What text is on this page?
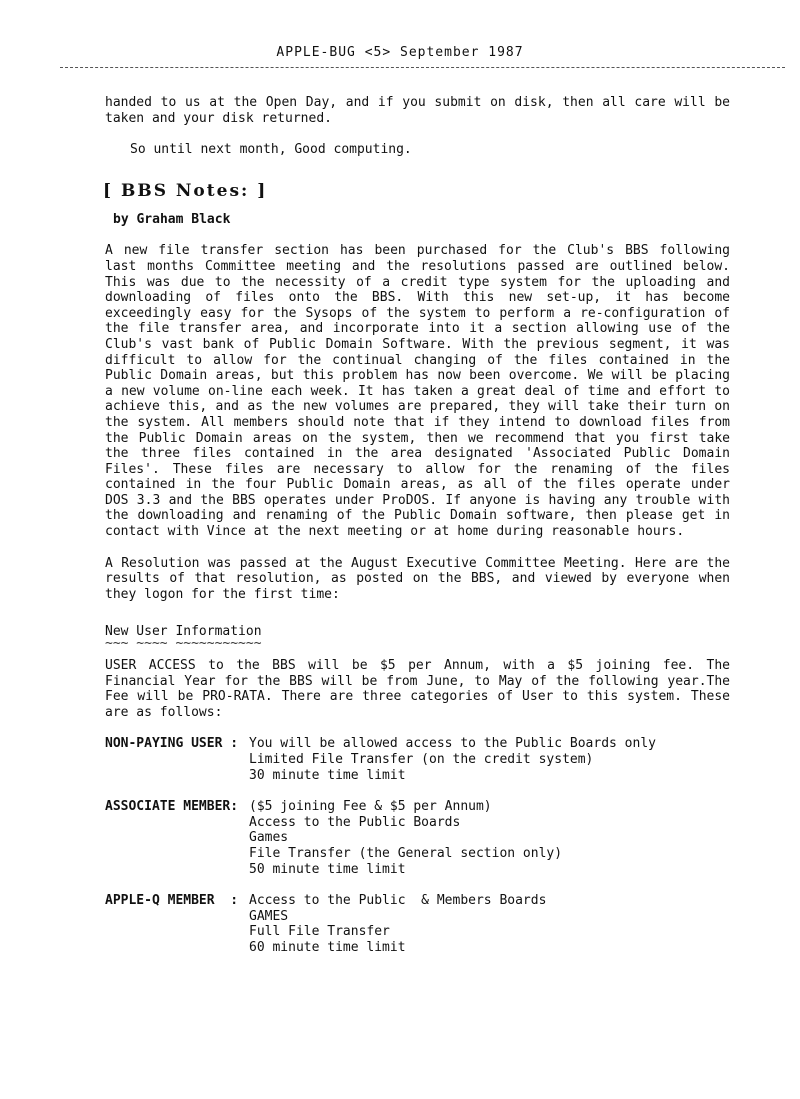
APPLE-BUG <5> September 1987

handed to us at the Open Day, and if you submit on disk, then all care will be taken and your disk returned.

So until next month, Good computing.

[ BBS Notes: ]
by Graham Black

A new file transfer section has been purchased for the Club's BBS following last months Committee meeting and the resolutions passed are outlined below. This was due to the necessity of a credit type system for the uploading and downloading of files onto the BBS. With this new set-up, it has become exceedingly easy for the Sysops of the system to perform a re-configuration of the file transfer area, and incorporate into it a section allowing use of the Club's vast bank of Public Domain Software. With the previous segment, it was difficult to allow for the continual changing of the files contained in the Public Domain areas, but this problem has now been overcome. We will be placing a new volume on-line each week. It has taken a great deal of time and effort to achieve this, and as the new volumes are prepared, they will take their turn on the system. All members should note that if they intend to download files from the Public Domain areas on the system, then we recommend that you first take the three files contained in the area designated 'Associated Public Domain Files'. These files are necessary to allow for the renaming of the files contained in the four Public Domain areas, as all of the files operate under DOS 3.3 and the BBS operates under ProDOS. If anyone is having any trouble with the downloading and renaming of the Public Domain software, then please get in contact with Vince at the next meeting or at home during reasonable hours.

A Resolution was passed at the August Executive Committee Meeting. Here are the results of that resolution, as posted on the BBS, and viewed by everyone when they logon for the first time:

New User Information
~~~ ~~~~ ~~~~~~~~~~~

USER ACCESS to the BBS will be $5 per Annum, with a $5 joining fee. The Financial Year for the BBS will be from June, to May of the following year.The Fee will be PRO-RATA. There are three categories of User to this system. These are as follows:

NON-PAYING USER : You will be allowed access to the Public Boards only
Limited File Transfer (on the credit system)
30 minute time limit
ASSOCIATE MEMBER: ($5 joining Fee & $5 per Annum)
Access to the Public Boards
Games
File Transfer (the General section only)
50 minute time limit
APPLE-Q MEMBER  : Access to the Public  & Members Boards
GAMES
Full File Transfer
60 minute time limit
